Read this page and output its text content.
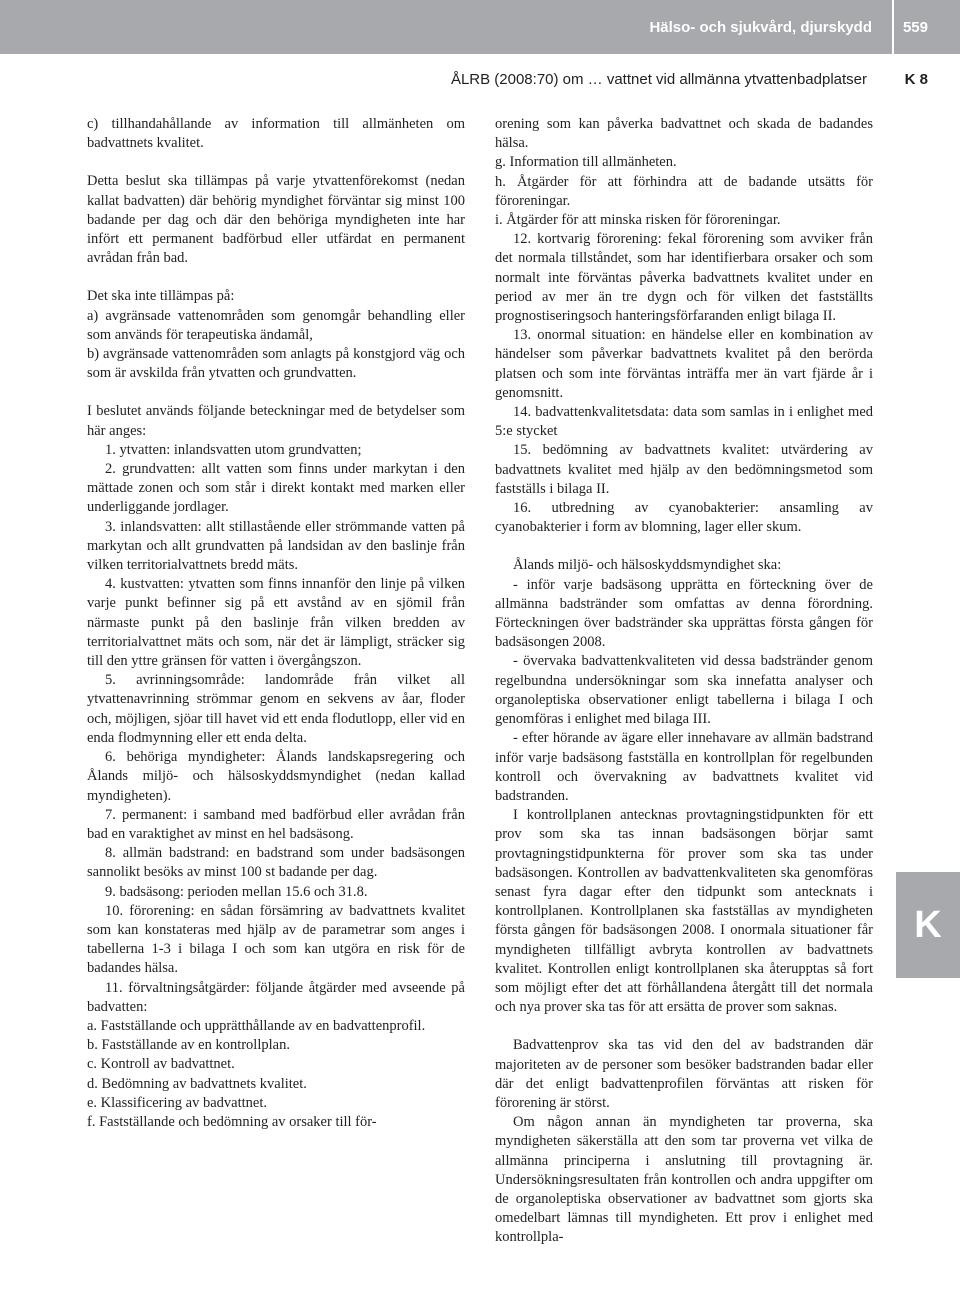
Hälso- och sjukvård, djurskydd 559
ÅLRB (2008:70) om … vattnet vid allmänna ytvattenbadplatser	K 8
K

c) tillhandahållande av information till allmänheten om badvattnets kvalitet.

Detta beslut ska tillämpas på varje ytvattenförekomst (nedan kallat badvatten) där behörig myndighet förväntar sig minst 100 badande per dag och där den behöriga myndigheten inte har infört ett permanent badförbud eller utfärdat en permanent avrådan från bad.

Det ska inte tillämpas på:

a) avgränsade vattenområden som genomgår behandling eller som används för terapeutiska ändamål,

b) avgränsade vattenområden som anlagts på konstgjord väg och som är avskilda från ytvatten och grundvatten.

I beslutet används följande beteckningar med de betydelser som här anges:

1. ytvatten: inlandsvatten utom grundvatten;

2. grundvatten: allt vatten som finns under markytan i den mättade zonen och som står i direkt kontakt med marken eller underliggande jordlager.

3. inlandsvatten: allt stillastående eller strömmande vatten på markytan och allt grundvatten på landsidan av den baslinje från vilken territorialvattnets bredd mäts.

4. kustvatten: ytvatten som finns innanför den linje på vilken varje punkt befinner sig på ett avstånd av en sjömil från närmaste punkt på den baslinje från vilken bredden av territorialvattnet mäts och som, när det är lämpligt, sträcker sig till den yttre gränsen för vatten i övergångszon.

5. avrinningsområde: landområde från vilket all ytvattenavrinning strömmar genom en sekvens av åar, floder och, möjligen, sjöar till havet vid ett enda flodutlopp, eller vid en enda flodmynning eller ett enda delta.

6. behöriga myndigheter: Ålands landskapsregering och Ålands miljö- och hälsoskyddsmyndighet (nedan kallad myndigheten).

7. permanent: i samband med badförbud eller avrådan från bad en varaktighet av minst en hel badsäsong.

8. allmän badstrand: en badstrand som under badsäsongen sannolikt besöks av minst 100 st badande per dag.

9. badsäsong: perioden mellan 15.6 och 31.8.

10. förorening: en sådan försämring av badvattnets kvalitet som kan konstateras med hjälp av de parametrar som anges i tabellerna 1-3 i bilaga I och som kan utgöra en risk för de badandes hälsa.

11. förvaltningsåtgärder: följande åtgärder med avseende på badvatten:

a. Fastställande och upprätthållande av en badvattenprofil.

b. Fastställande av en kontrollplan.

c. Kontroll av badvattnet.

d. Bedömning av badvattnets kvalitet.

e. Klassificering av badvattnet.

f. Fastställande och bedömning av orsaker till för-

orening som kan påverka badvattnet och skada de badandes hälsa.

g. Information till allmänheten.

h. Åtgärder för att förhindra att de badande utsätts för föroreningar.

i. Åtgärder för att minska risken för föroreningar.

12. kortvarig förorening: fekal förorening som avviker från det normala tillståndet, som har identifierbara orsaker och som normalt inte förväntas påverka badvattnets kvalitet under en period av mer än tre dygn och för vilken det fastställts prognostiseringsoch hanteringsförfaranden enligt bilaga II.

13. onormal situation: en händelse eller en kombination av händelser som påverkar badvattnets kvalitet på den berörda platsen och som inte förväntas inträffa mer än vart fjärde år i genomsnitt.

14. badvattenkvalitetsdata: data som samlas in i enlighet med 5:e stycket

15. bedömning av badvattnets kvalitet: utvärdering av badvattnets kvalitet med hjälp av den bedömningsmetod som fastställs i bilaga II.

16. utbredning av cyanobakterier: ansamling av cyanobakterier i form av blomning, lager eller skum.

Ålands miljö- och hälsoskyddsmyndighet ska:

- inför varje badsäsong upprätta en förteckning över de allmänna badstränder som omfattas av denna förordning. Förteckningen över badstränder ska upprättas första gången för badsäsongen 2008.

- övervaka badvattenkvaliteten vid dessa badstränder genom regelbundna undersökningar som ska innefatta analyser och organoleptiska observationer enligt tabellerna i bilaga I och genomföras i enlighet med bilaga III.

- efter hörande av ägare eller innehavare av allmän badstrand inför varje badsäsong fastställa en kontrollplan för regelbunden kontroll och övervakning av badvattnets kvalitet vid badstranden.

I kontrollplanen antecknas provtagningstidpunkten för ett prov som ska tas innan badsäsongen börjar samt provtagningstidpunkterna för prover som ska tas under badsäsongen. Kontrollen av badvattenkvaliteten ska genomföras senast fyra dagar efter den tidpunkt som antecknats i kontrollplanen. Kontrollplanen ska fastställas av myndigheten första gången för badsäsongen 2008. I onormala situationer får myndigheten tillfälligt avbryta kontrollen av badvattnets kvalitet. Kontrollen enligt kontrollplanen ska återupptas så fort som möjligt efter det att förhållandena återgått till det normala och nya prover ska tas för att ersätta de prover som saknas.

Badvattenprov ska tas vid den del av badstranden där majoriteten av de personer som besöker badstranden badar eller där det enligt badvattenprofilen förväntas att risken för förorening är störst.

Om någon annan än myndigheten tar proverna, ska myndigheten säkerställa att den som tar proverna vet vilka de allmänna principerna i anslutning till provtagning är. Undersökningsresultaten från kontrollen och andra uppgifter om de organoleptiska observationer av badvattnet som gjorts ska omedelbart lämnas till myndigheten. Ett prov i enlighet med kontrollpla-
